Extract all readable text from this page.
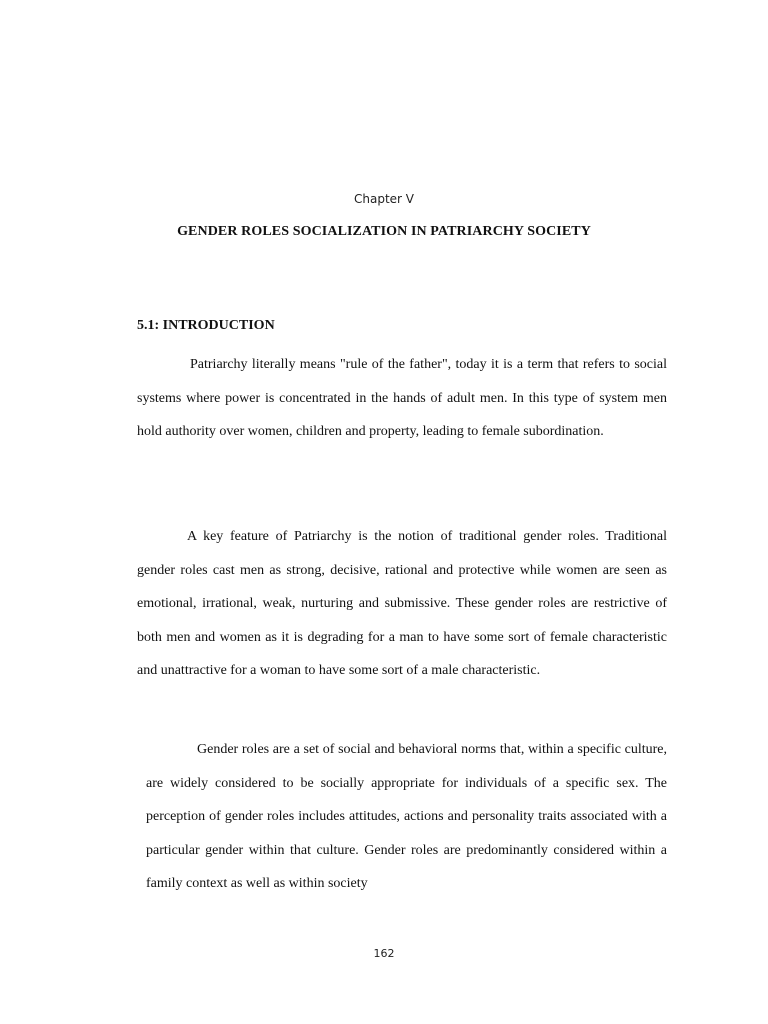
Chapter V
GENDER ROLES SOCIALIZATION IN PATRIARCHY SOCIETY
5.1: INTRODUCTION

Patriarchy literally means "rule of the father", today it is a term that refers to social systems where power is concentrated in the hands of adult men. In this type of system men hold authority over women, children and property, leading to female subordination.

A key feature of Patriarchy is the notion of traditional gender roles. Traditional gender roles cast men as strong, decisive, rational and protective while women are seen as emotional, irrational, weak, nurturing and submissive. These gender roles are restrictive of both men and women as it is degrading for a man to have some sort of female characteristic and unattractive for a woman to have some sort of a male characteristic.

Gender roles are a set of social and behavioral norms that, within a specific culture, are widely considered to be socially appropriate for individuals of a specific sex. The perception of gender roles includes attitudes, actions and personality traits associated with a particular gender within that culture. Gender roles are predominantly considered within a family context as well as within society

162
